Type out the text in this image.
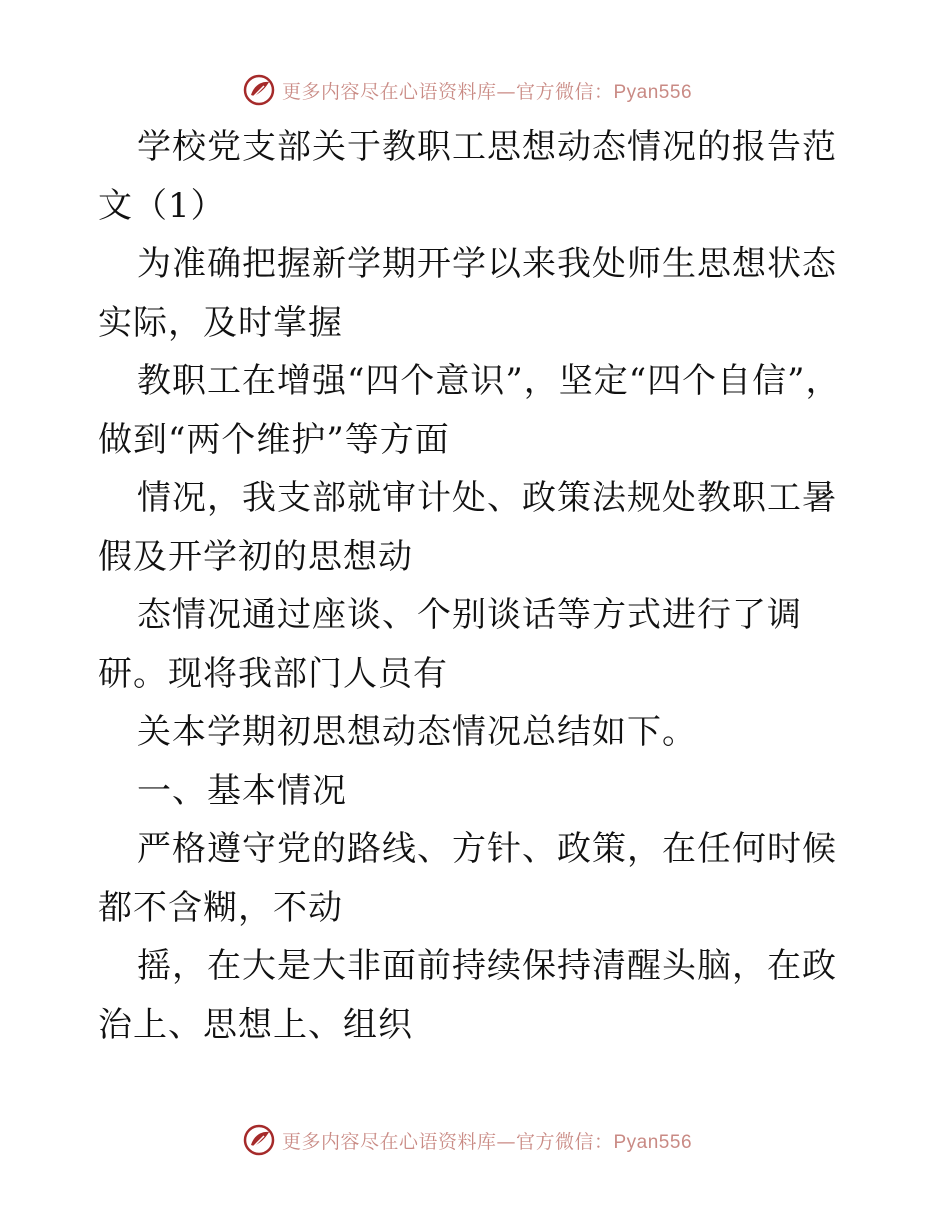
更多内容尽在心语资料库—官方微信：Pyan556

学校党支部关于教职工思想动态情况的报告范文（1）

为准确把握新学期开学以来我处师生思想状态实际，及时掌握

教职工在增强“四个意识”，坚定“四个自信”，做到“两个维护”等方面

情况，我支部就审计处、政策法规处教职工暑假及开学初的思想动

态情况通过座谈、个别谈话等方式进行了调研。现将我部门人员有

关本学期初思想动态情况总结如下。

一、基本情况

严格遵守党的路线、方针、政策，在任何时候都不含糊，不动

摇，在大是大非面前持续保持清醒头脑，在政治上、思想上、组织

更多内容尽在心语资料库—官方微信：Pyan556
